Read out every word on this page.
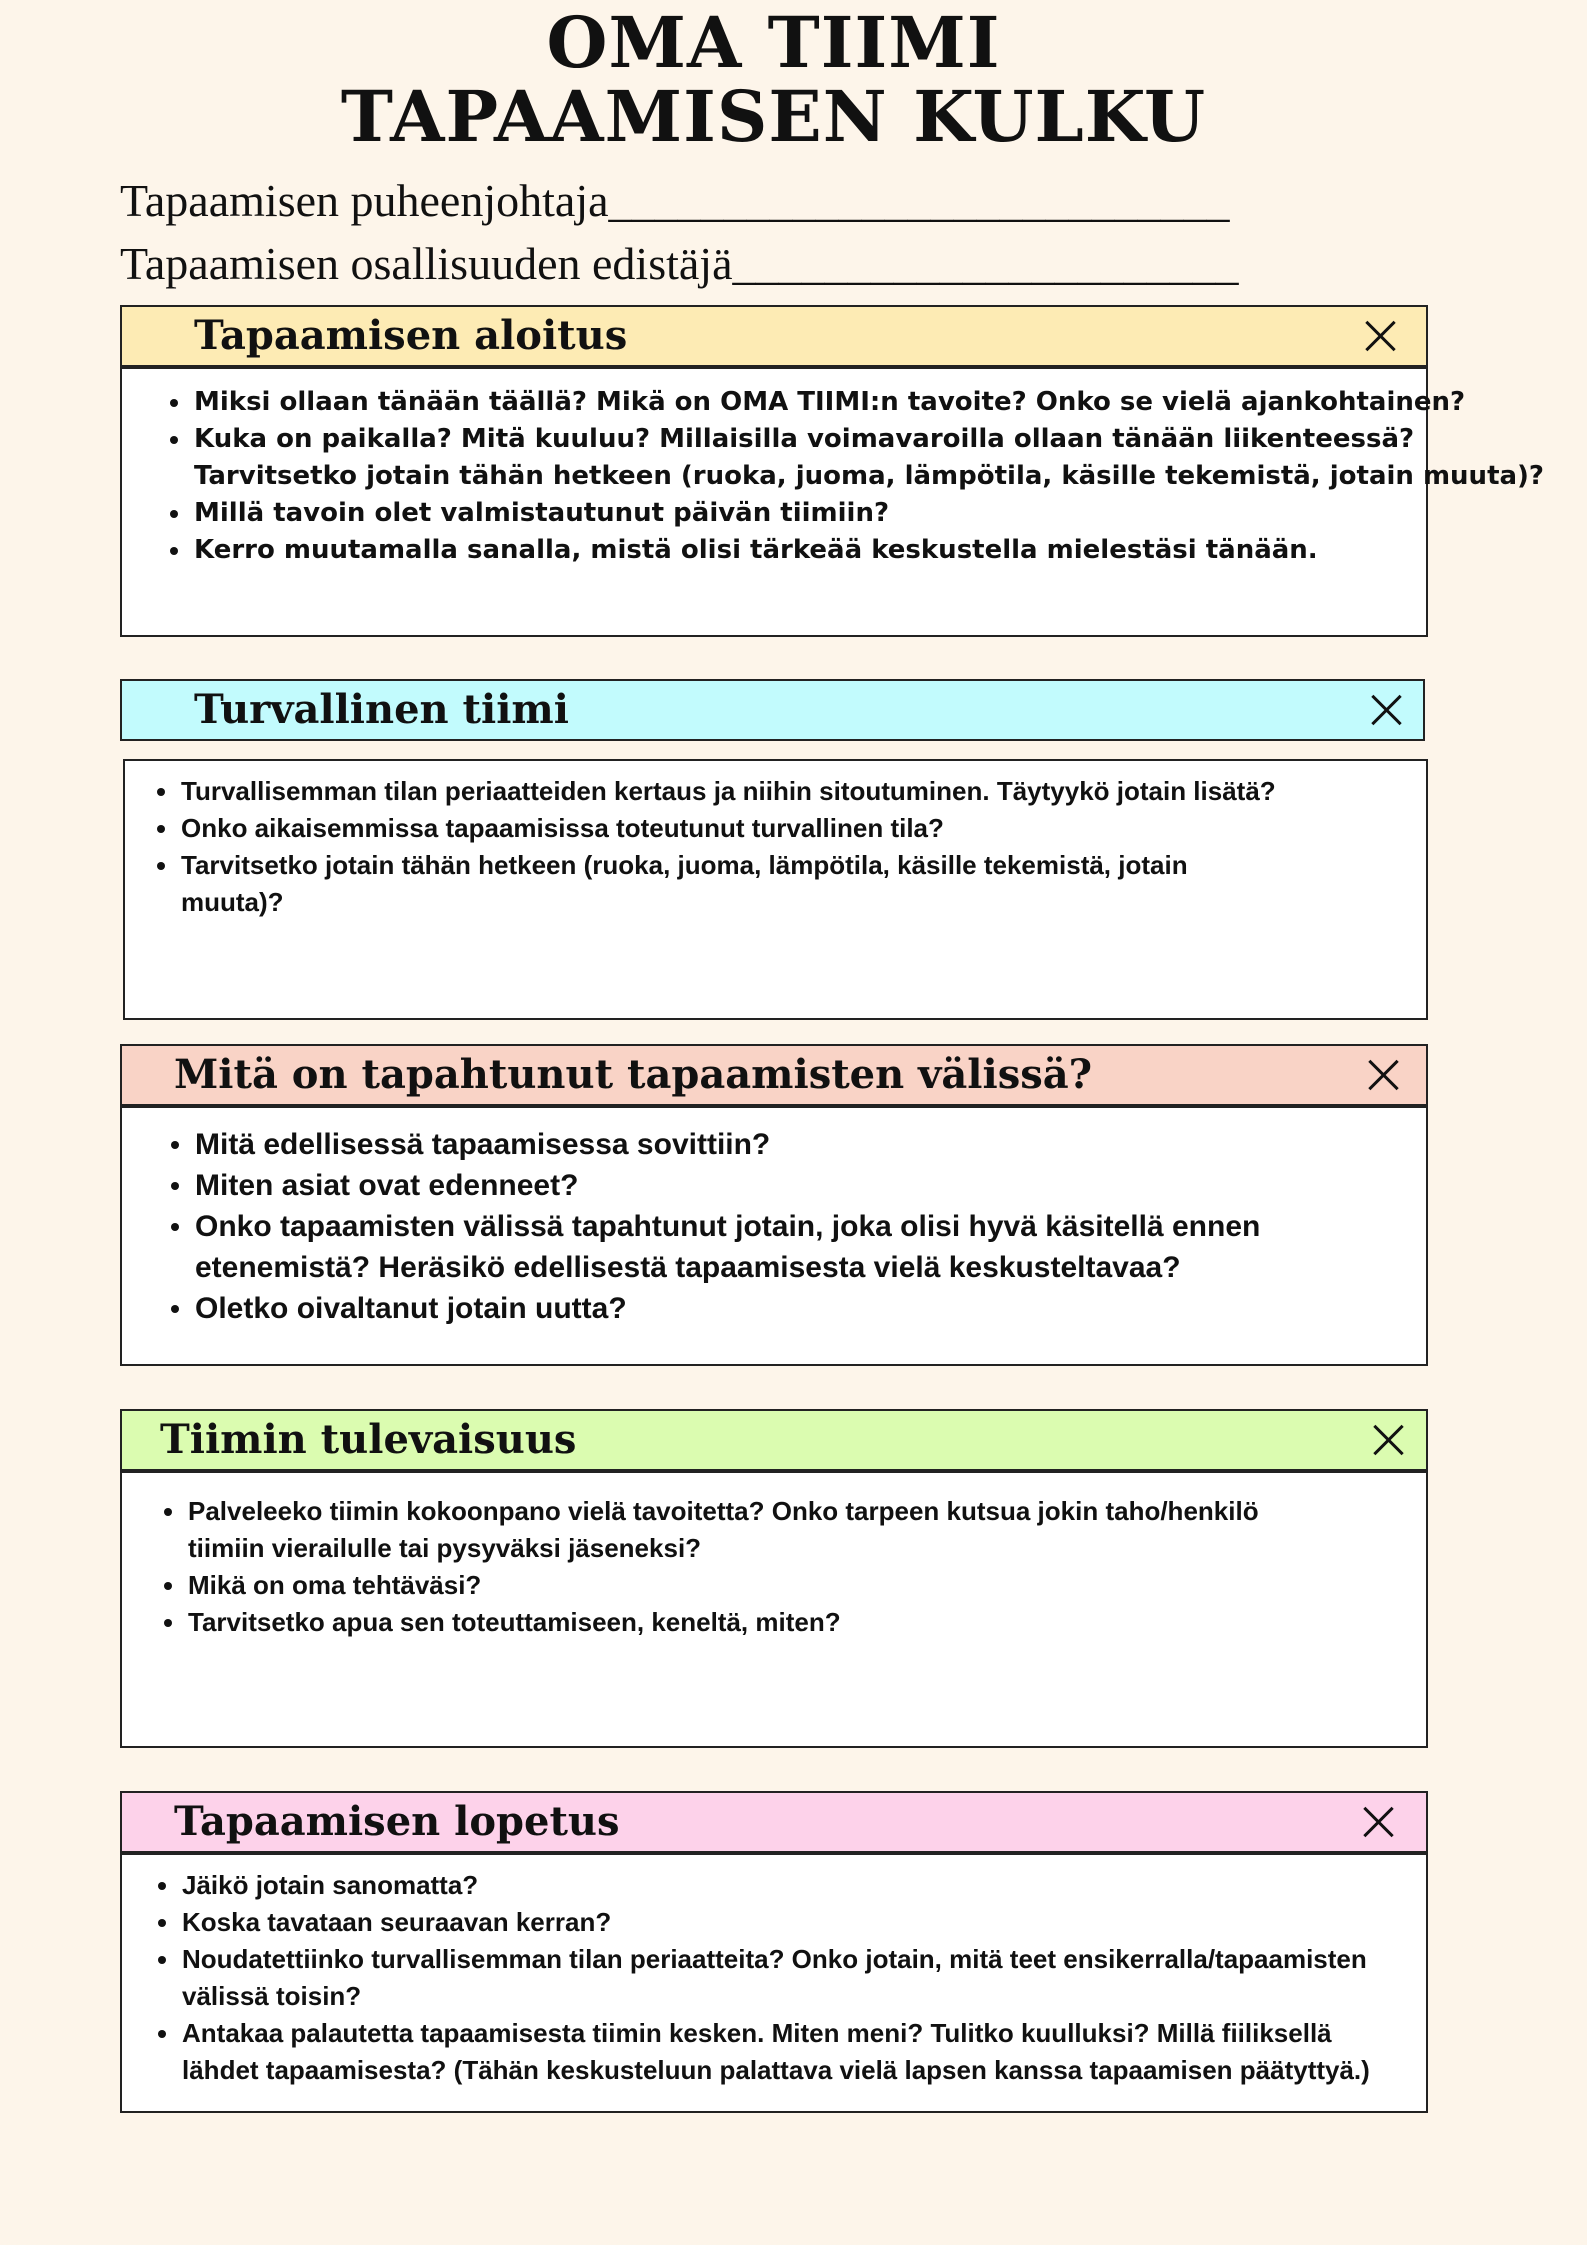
OMA TIIMI
TAPAAMISEN KULKU
Tapaamisen puheenjohtaja___________________________
Tapaamisen osallisuuden edistäjä______________________
Tapaamisen aloitus
Miksi ollaan tänään täällä? Mikä on OMA TIIMI:n tavoite? Onko se vielä ajankohtainen?
Kuka on paikalla? Mitä kuuluu? Millaisilla voimavaroilla ollaan tänään liikenteessä?
Tarvitsetko jotain tähän hetkeen (ruoka, juoma, lämpötila, käsille tekemistä, jotain muuta)?
Millä tavoin olet valmistautunut päivän tiimiin?
Kerro muutamalla sanalla, mistä olisi tärkeää keskustella mielestäsi tänään.
Turvallinen tiimi
Turvallisemman tilan periaatteiden kertaus ja niihin sitoutuminen. Täytyykö jotain lisätä?
Onko aikaisemmissa tapaamisissa toteutunut turvallinen tila?
Tarvitsetko jotain tähän hetkeen (ruoka, juoma, lämpötila, käsille tekemistä, jotain
muuta)?
Mitä on tapahtunut tapaamisten välissä?
Mitä edellisessä tapaamisessa sovittiin?
Miten asiat ovat edenneet?
Onko tapaamisten välissä tapahtunut jotain, joka olisi hyvä käsitellä ennen
etenemistä? Heräsikö edellisestä tapaamisesta vielä keskusteltavaa?
Oletko oivaltanut jotain uutta?
Tiimin tulevaisuus
Palveleeko tiimin kokoonpano vielä tavoitetta? Onko tarpeen kutsua jokin taho/henkilö
tiimiin vierailulle tai pysyväksi jäseneksi?
Mikä on oma tehtäväsi?
Tarvitsetko apua sen toteuttamiseen, keneltä, miten?
Tapaamisen lopetus
Jäikö jotain sanomatta?
Koska tavataan seuraavan kerran?
Noudatettiinko turvallisemman tilan periaatteita? Onko jotain, mitä teet ensikerralla/tapaamisten
välissä toisin?
Antakaa palautetta tapaamisesta tiimin kesken. Miten meni? Tulitko kuulluksi? Millä fiiliksellä
lähdet tapaamisesta? (Tähän keskusteluun palattava vielä lapsen kanssa tapaamisen päätyttyä.)
